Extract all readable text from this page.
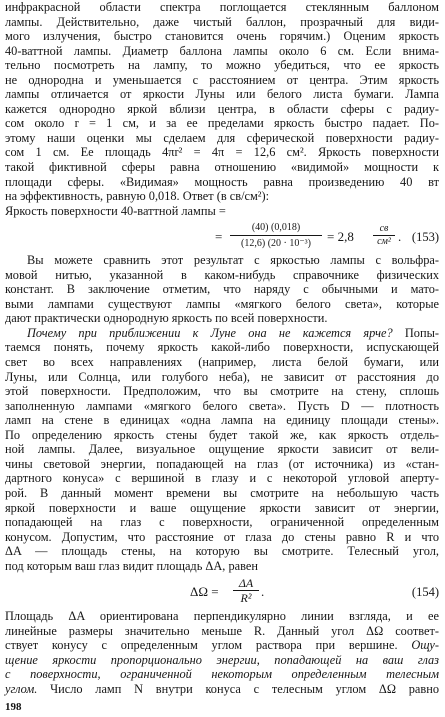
инфракрасной области спектра поглощается стеклянным баллоном
лампы. Действительно, даже чистый баллон, прозрачный для види-
мого излучения, быстро становится очень горячим.) Оценим яркость
40-ваттной лампы. Диаметр баллона лампы около 6 см. Если внима-
тельно посмотреть на лампу, то можно убедиться, что ее яркость
не однородна и уменьшается с расстоянием от центра. Этим яркость
лампы отличается от яркости Луны или белого листа бумаги. Лампа
кажется однородно яркой вблизи центра, в области сферы с радиу-
сом около r = 1 см, и за ее пределами яркость быстро падает. По-
этому наши оценки мы сделаем для сферической поверхности радиу-
сом 1 см. Ее площадь 4πr² = 4π = 12,6 см². Яркость поверхности
такой фиктивной сферы равна отношению «видимой» мощности к
площади сферы. «Видимая» мощность равна произведению 40 вт
на эффективность, равную 0,018. Ответ (в св/см²):
Яркость поверхности 40-ваттной лампы =
= $\frac{(40) (0,018)}{\text{(12,6) (20 · 10⁻³)}} = 2,8$
св
см² . (153)
Вы можете сравнить этот результат с яркостью лампы с вольфра-
мовой нитью, указанной в каком-нибудь справочнике физических
констант. В заключение отметим, что наряду с обычными и мато-
выми лампами существуют лампы «мягкого белого света», которые
дают практически однородную яркость по всей поверхности.
Почему при приближении к Луне она не кажется ярче? Попы-
таемся понять, почему яркость какой-либо поверхности, испускающей
свет во всех направлениях (например, листа белой бумаги, или
Луны, или Солнца, или голубого неба), не зависит от расстояния до
этой поверхности. Предположим, что вы смотрите на стену, сплошь
заполненную лампами «мягкого белого света». Пусть D — плотность
ламп на стене в единицах «одна лампа на единицу площади стены».
По определению яркость стены будет такой же, как яркость отдель-
ной лампы. Далее, визуальное ощущение яркости зависит от вели-
чины световой энергии, попадающей на глаз (от источника) из «стан-
дартного конуса» с вершиной в глазу и с некоторой угловой аперту-
рой. В данный момент времени вы смотрите на небольшую часть
яркой поверхности и ваше ощущение яркости зависит от энергии,
попадающей на глаз с поверхности, ограниченной определенным
конусом. Допустим, что расстояние от глаза до стены равно R и что
ΔA — площадь стены, на которую вы смотрите. Телесный угол,
под которым ваш глаз видит площадь ΔA, равен
$\Delta\Omega = \frac{\Delta A}{\text{R²}}$ .	(154)
Площадь ΔA ориентирована перпендикулярно линии взгляда, и ее
линейные размеры значительно меньше R. Данный угол ΔΩ соответ-
ствует конусу с определенным углом раствора при вершине. Ощу-
щение яркости пропорционально энергии, попадающей на ваш глаз
с поверхности, ограниченной некоторым определенным телесным
углом. Число ламп N внутри конуса с телесным углом ΔΩ равно
198
